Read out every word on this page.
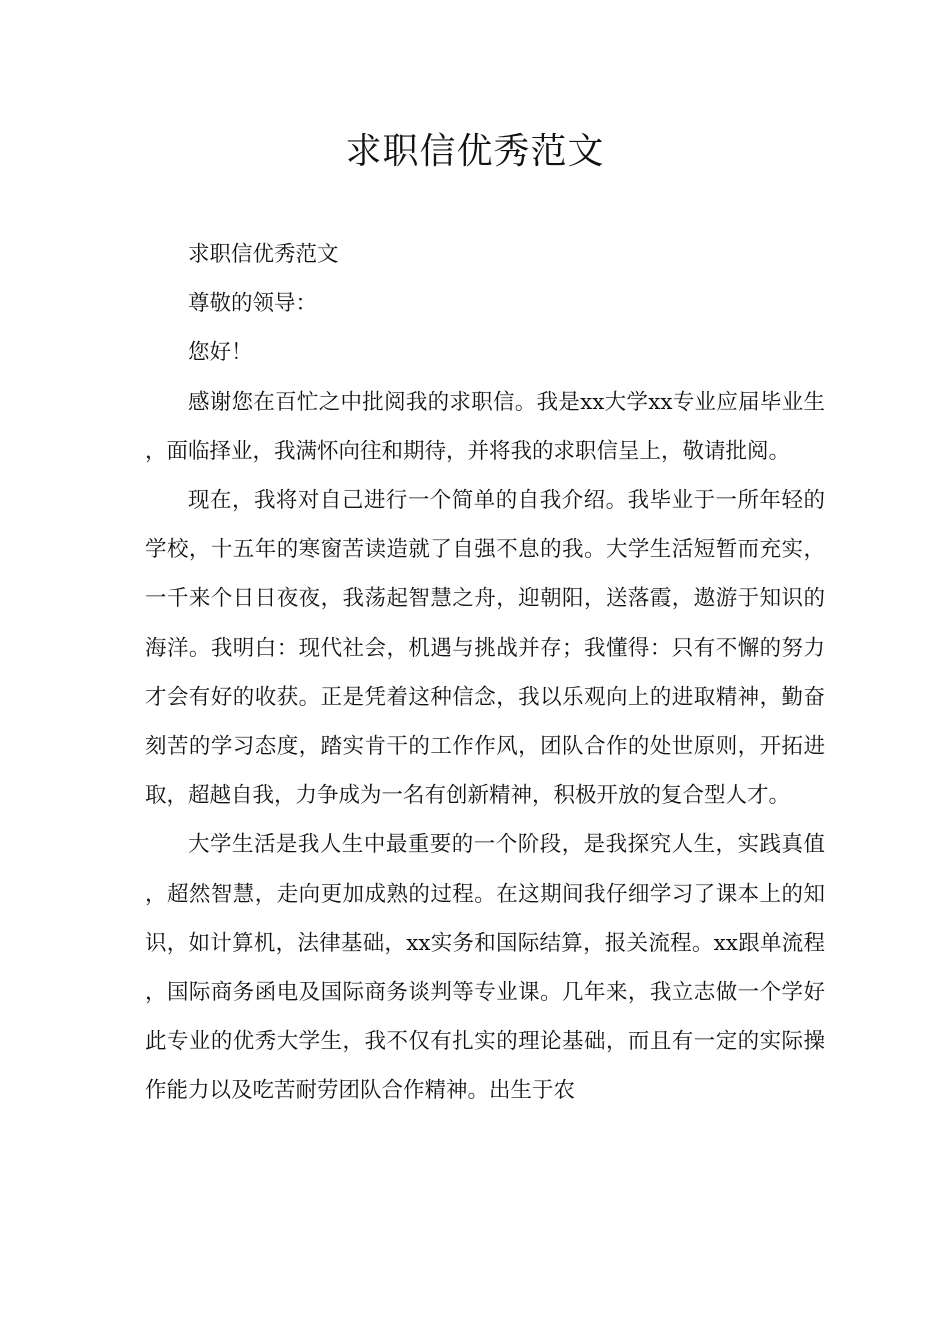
求职信优秀范文

求职信优秀范文

尊敬的领导：

您好！

感谢您在百忙之中批阅我的求职信。我是xx大学xx专业应届毕业生，面临择业，我满怀向往和期待，并将我的求职信呈上，敬请批阅。

现在，我将对自己进行一个简单的自我介绍。我毕业于一所年轻的学校，十五年的寒窗苦读造就了自强不息的我。大学生活短暂而充实，一千来个日日夜夜，我荡起智慧之舟，迎朝阳，送落霞，遨游于知识的海洋。我明白：现代社会，机遇与挑战并存；我懂得：只有不懈的努力才会有好的收获。正是凭着这种信念，我以乐观向上的进取精神，勤奋刻苦的学习态度，踏实肯干的工作作风，团队合作的处世原则，开拓进取，超越自我，力争成为一名有创新精神，积极开放的复合型人才。

大学生活是我人生中最重要的一个阶段，是我探究人生，实践真值，超然智慧，走向更加成熟的过程。在这期间我仔细学习了课本上的知识，如计算机，法律基础，xx实务和国际结算，报关流程。xx跟单流程，国际商务函电及国际商务谈判等专业课。几年来，我立志做一个学好此专业的优秀大学生，我不仅有扎实的理论基础，而且有一定的实际操作能力以及吃苦耐劳团队合作精神。出生于农
